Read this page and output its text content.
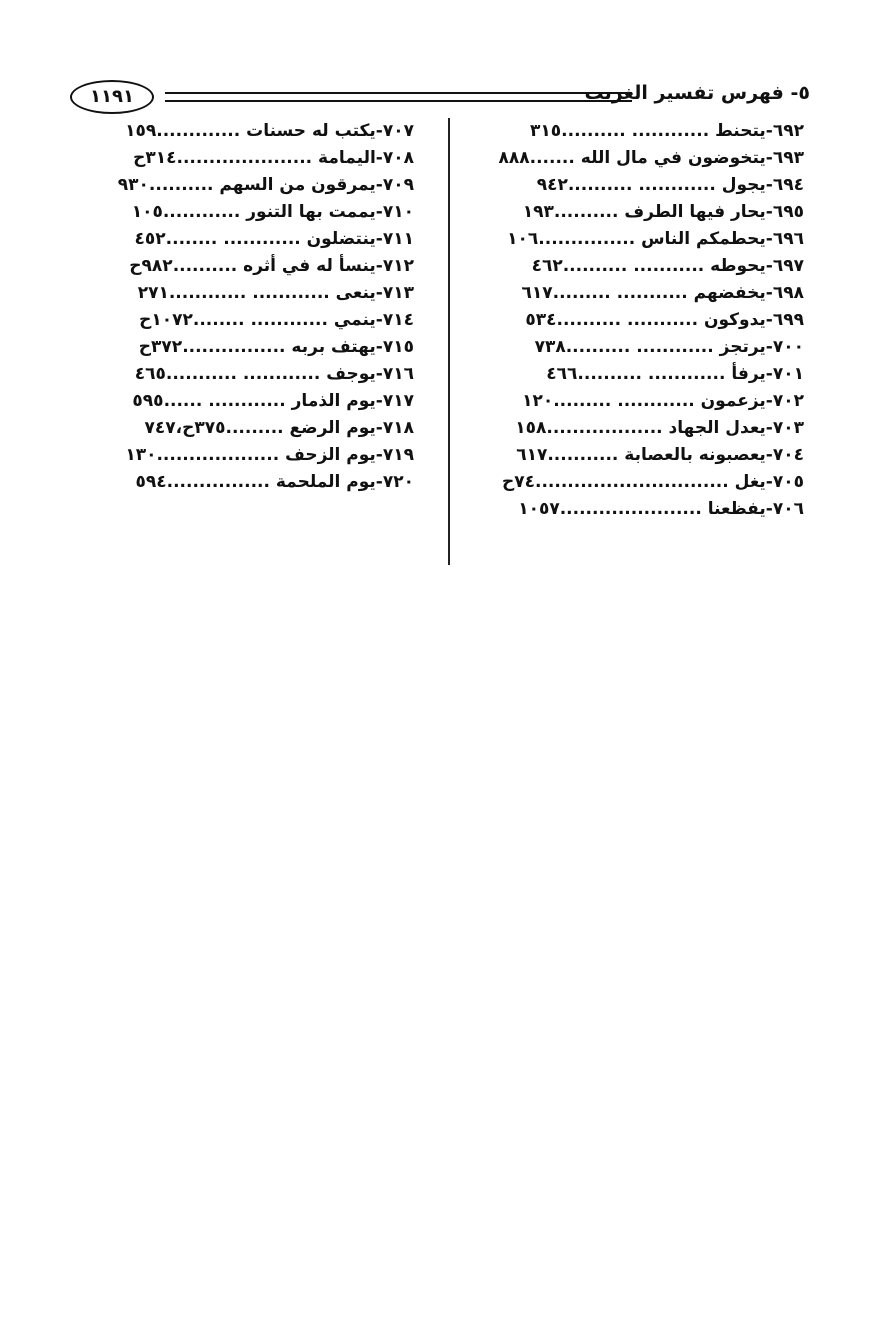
٥- فهرس تفسير الغريب
١١٩١
٦٩٢-يتحنط ............ ..........٣١٥
٦٩٣-يتخوضون في مال الله .......٨٨٨
٦٩٤-يجول ............ ..........٩٤٢
٦٩٥-يحار فيها الطرف ..........١٩٣
٦٩٦-يحطمكم الناس ...............١٠٦
٦٩٧-يحوطه ........... ..........٤٦٢
٦٩٨-يخفضهم ........... .........٦١٧
٦٩٩-يدوكون ........... ..........٥٣٤
٧٠٠-يرتجز ............ ..........٧٣٨
٧٠١-يرفأ ............ ..........٤٦٦
٧٠٢-يزعمون ............ .........١٢٠
٧٠٣-يعدل الجهاد ..................١٥٨
٧٠٤-يعصبونه بالعصابة ...........٦١٧
٧٠٥-يغل ..............................٧٤ح
٧٠٦-يفظعنا ......................١٠٥٧
٧٠٧-يكتب له حسنات .............١٥٩
٧٠٨-اليمامة .....................٣١٤ح
٧٠٩-يمرقون من السهم ..........٩٣٠
٧١٠-يممت بها التنور ............١٠٥
٧١١-ينتضلون ............ ........٤٥٢
٧١٢-ينسأ له في أثره ..........٩٨٢ح
٧١٣-ينعى ............ ............٢٧١
٧١٤-ينمي ............ ........١٠٧٢ح
٧١٥-يهتف بربه ................٣٧٢ح
٧١٦-يوجف ............ ...........٤٦٥
٧١٧-يوم الذمار ............ ......٥٩٥
٧١٨-يوم الرضع .........٣٧٥ح،٧٤٧
٧١٩-يوم الزحف ...................١٣٠
٧٢٠-يوم الملحمة ................٥٩٤
